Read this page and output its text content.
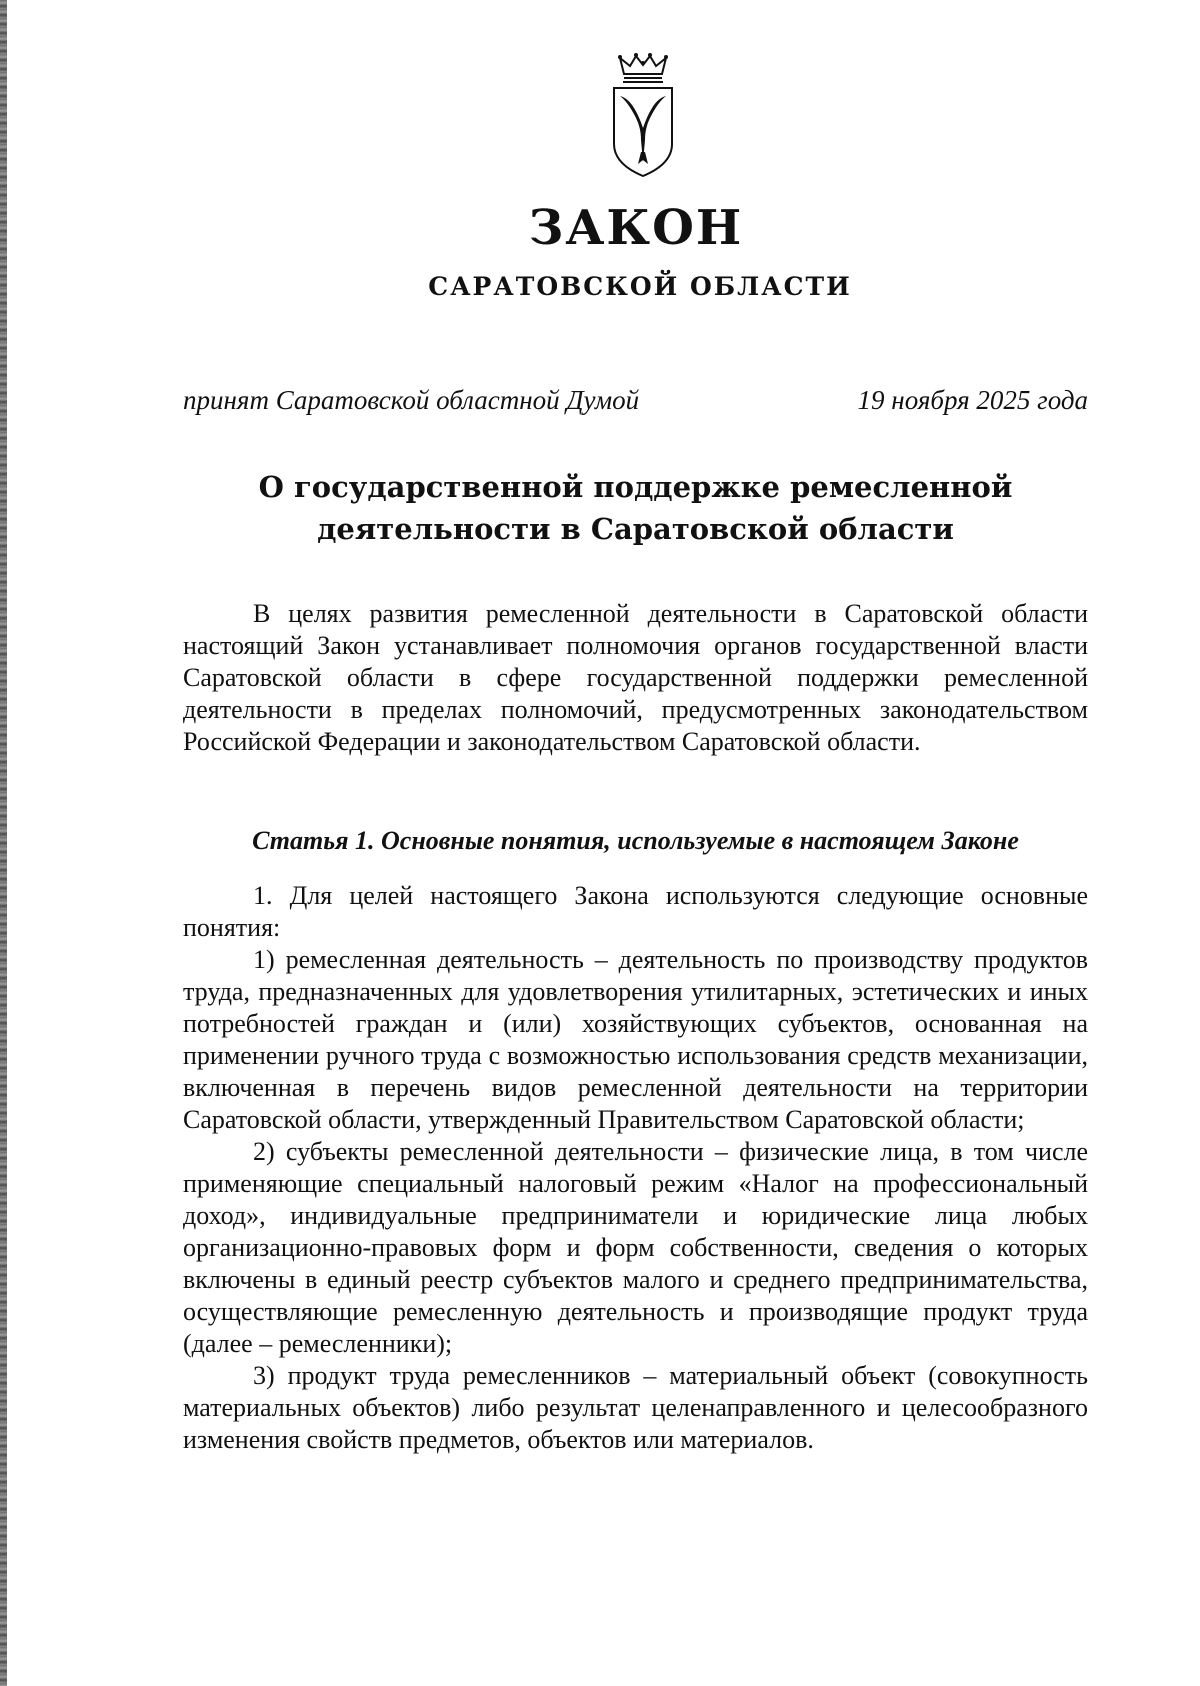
ЗАКОН
САРАТОВСКОЙ ОБЛАСТИ
принят Саратовской областной Думой	19 ноября 2025 года
О государственной поддержке ремесленной
деятельности в Саратовской области

В целях развития ремесленной деятельности в Саратовской области настоящий Закон устанавливает полномочия органов государственной власти Саратовской области в сфере государственной поддержки ремесленной деятельности в пределах полномочий, предусмотренных законодательством Российской Федерации и законодательством Саратовской области.

Статья 1. Основные понятия, используемые в настоящем Законе

1. Для целей настоящего Закона используются следующие основные понятия:

1) ремесленная деятельность – деятельность по производству продуктов труда, предназначенных для удовлетворения утилитарных, эстетических и иных потребностей граждан и (или) хозяйствующих субъектов, основанная на применении ручного труда с возможностью использования средств механизации, включенная в перечень видов ремесленной деятельности на территории Саратовской области, утвержденный Правительством Саратовской области;

2) субъекты ремесленной деятельности – физические лица, в том числе применяющие специальный налоговый режим «Налог на профессиональный доход», индивидуальные предприниматели и юридические лица любых организационно-правовых форм и форм собственности, сведения о которых включены в единый реестр субъектов малого и среднего предпринимательства, осуществляющие ремесленную деятельность и производящие продукт труда (далее – ремесленники);

3) продукт труда ремесленников – материальный объект (совокупность материальных объектов) либо результат целенаправленного и целесообразного изменения свойств предметов, объектов или материалов.
